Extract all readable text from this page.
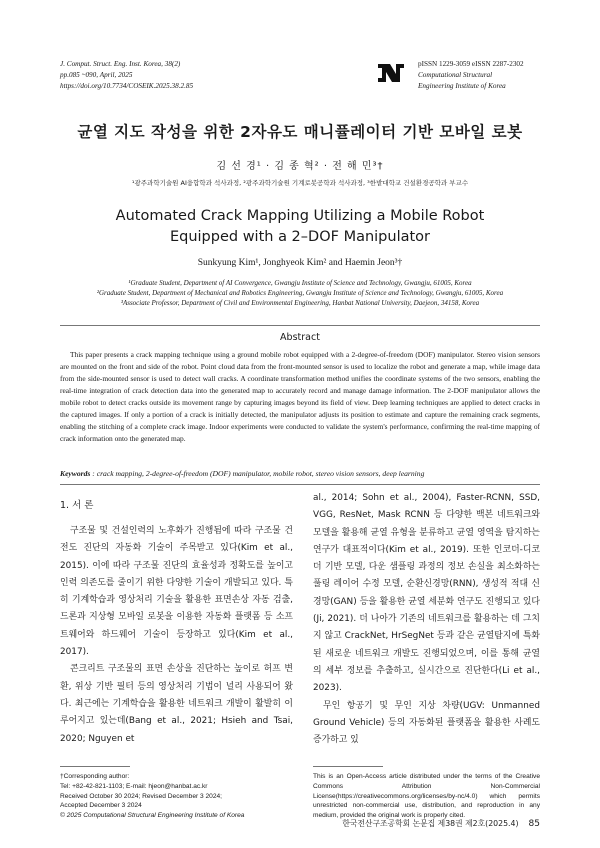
J. Comput. Struct. Eng. Inst. Korea, 38(2)
pp.085 ~090, April, 2025
https://doi.org/10.7734/COSEIK.2025.38.2.85
pISSN 1229-3059 eISSN 2287-2302
Computational Structural
Engineering Institute of Korea
균열 지도 작성을 위한 2자유도 매니퓰레이터 기반 모바일 로봇
김 선 경¹ · 김 종 혁² · 전 해 민³†
¹광주과학기술원 AI융합학과 석사과정, ²광주과학기술원 기계로봇공학과 석사과정, ³한밭대학교 건설환경공학과 부교수
Automated Crack Mapping Utilizing a Mobile Robot
Equipped with a 2–DOF Manipulator
Sunkyung Kim¹, Jonghyeok Kim² and Haemin Jeon³†
¹Graduate Student, Department of AI Convergence, Gwangju Institute of Science and Technology, Gwangju, 61005, Korea
²Graduate Student, Department of Mechanical and Robotics Engineering, Gwangju Institute of Science and Technology, Gwangju, 61005, Korea
³Associate Professor, Department of Civil and Environmental Engineering, Hanbat National University, Daejeon, 34158, Korea
Abstract
This paper presents a crack mapping technique using a ground mobile robot equipped with a 2-degree-of-freedom (DOF) manipulator. Stereo vision sensors are mounted on the front and side of the robot. Point cloud data from the front-mounted sensor is used to localize the robot and generate a map, while image data from the side-mounted sensor is used to detect wall cracks. A coordinate transformation method unifies the coordinate systems of the two sensors, enabling the real-time integration of crack detection data into the generated map to accurately record and manage damage information. The 2-DOF manipulator allows the mobile robot to detect cracks outside its movement range by capturing images beyond its field of view. Deep learning techniques are applied to detect cracks in the captured images. If only a portion of a crack is initially detected, the manipulator adjusts its position to estimate and capture the remaining crack segments, enabling the stitching of a complete crack image. Indoor experiments were conducted to validate the system's performance, confirming the real-time mapping of crack information onto the generated map.
Keywords : crack mapping, 2-degree-of-freedom (DOF) manipulator, mobile robot, stereo vision sensors, deep learning
1. 서 론

구조물 및 건설인력의 노후화가 진행됨에 따라 구조물 건전도 진단의 자동화 기술이 주목받고 있다(Kim et al., 2015). 이에 따라 구조물 진단의 효율성과 정확도를 높이고 인력 의존도를 줄이기 위한 다양한 기술이 개발되고 있다. 특히 기계학습과 영상처리 기술을 활용한 표면손상 자동 검출, 드론과 지상형 모바일 로봇을 이용한 자동화 플랫폼 등 소프트웨어와 하드웨어 기술이 등장하고 있다(Kim et al., 2017).

콘크리트 구조물의 표면 손상을 진단하는 높이로 허프 변환, 위상 기반 필터 등의 영상처리 기법이 널리 사용되어 왔다. 최근에는 기계학습을 활용한 네트워크 개발이 활발히 이루어지고 있는데(Bang et al., 2021; Hsieh and Tsai, 2020; Nguyen et

al., 2014; Sohn et al., 2004), Faster-RCNN, SSD, VGG, ResNet, Mask RCNN 등 다양한 백본 네트워크와 모델을 활용해 균열 유형을 분류하고 균열 영역을 탐지하는 연구가 대표적이다(Kim et al., 2019). 또한 인코더-디코더 기반 모델, 다운 샘플링 과정의 정보 손실을 최소화하는 풀링 레이어 수정 모델, 순환신경망(RNN), 생성적 적대 신경망(GAN) 등을 활용한 균열 세분화 연구도 진행되고 있다(Ji, 2021). 더 나아가 기존의 네트워크를 활용하는 데 그치지 않고 CrackNet, HrSegNet 등과 같은 균열탐지에 특화된 새로운 네트워크 개발도 진행되었으며, 이를 통해 균열의 세부 정보를 추출하고, 실시간으로 진단한다(Li et al., 2023).

무인 항공기 및 무인 지상 차량(UGV: Unmanned Ground Vehicle) 등의 자동화된 플랫폼을 활용한 사례도 증가하고 있

†Corresponding author:
Tel: +82-42-821-1103; E-mail: hjeon@hanbat.ac.kr
Received October 30 2024; Revised December 3 2024;
Accepted December 3 2024
© 2025 Computational Structural Engineering Institute of Korea
This is an Open-Access article distributed under the terms of the Creative Commons Attribution Non-Commercial License(https://creativecommons.org/licenses/by-nc/4.0) which permits unrestricted non-commercial use, distribution, and reproduction in any medium, provided the original work is properly cited.
한국전산구조공학회 논문집 제38권 제2호(2025.4) 85
